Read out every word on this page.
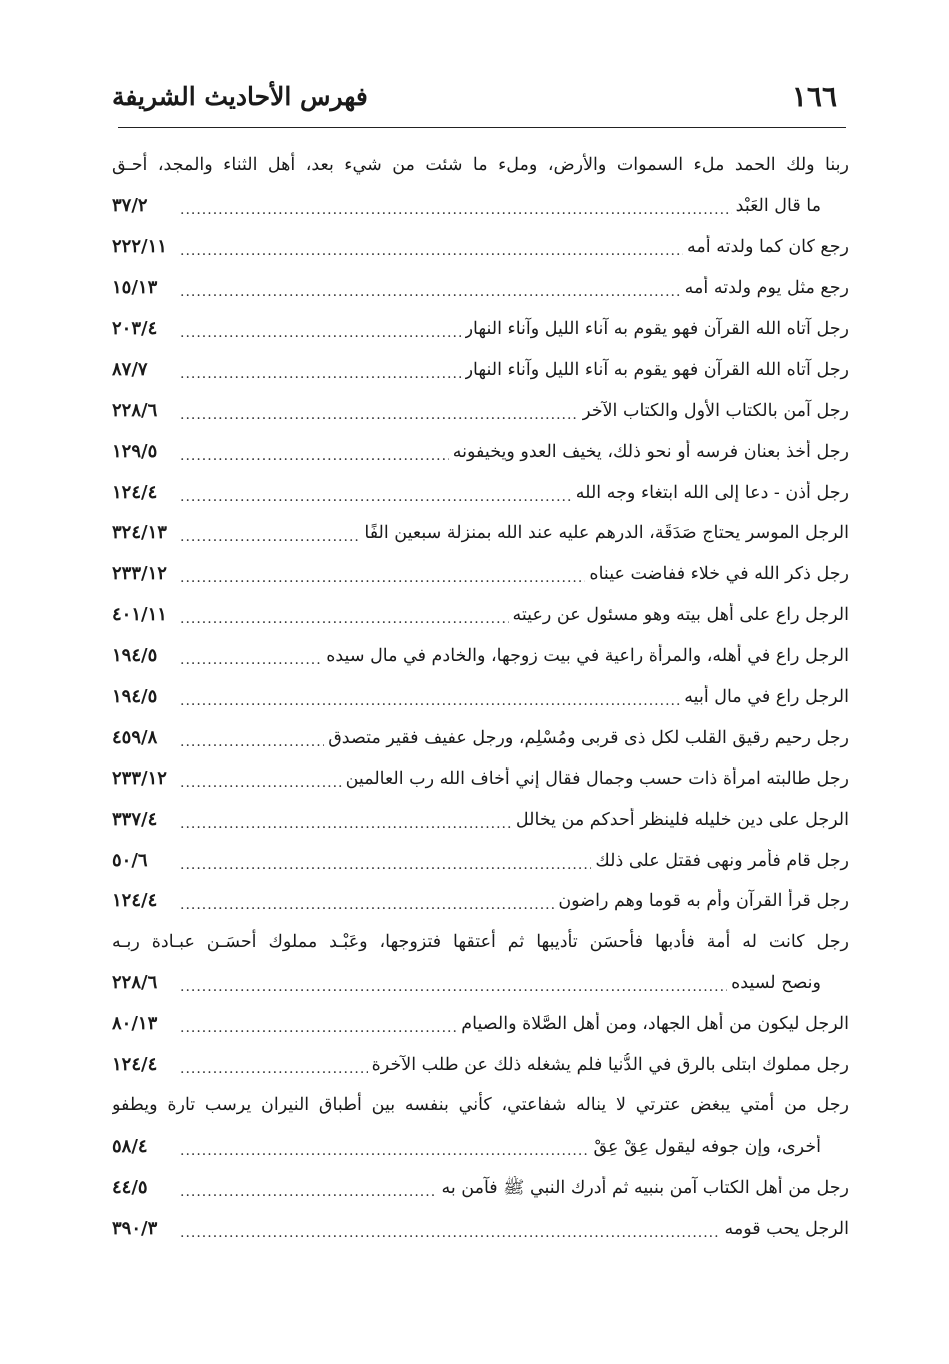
١٦٦
فهرس الأحاديث الشريفة
ربنا ولك الحمد ملء السموات والأرض، وملء ما شئت من شيء بعد، أهل الثناء والمجد، أحـق
ما قال العَبْد
.....
٣٧/٢
رجع كان كما ولدته أمه
.....
٢٢٢/١١
رجع مثل يوم ولدته أمه
.....
١٥/١٣
رجل آتاه الله القرآن فهو يقوم به آناء الليل وآناء النهار
.....
٢٠٣/٤
رجل آتاه الله القرآن فهو يقوم به آناء الليل وآناء النهار
.....
٨٧/٧
رجل آمن بالكتاب الأول والكتاب الآخر
.....
٢٢٨/٦
رجل أخذ بعنان فرسه أو نحو ذلك، يخيف العدو ويخيفونه
.....
١٢٩/٥
رجل أذن - دعا إلى الله ابتغاء وجه الله
.....
١٢٤/٤
الرجل الموسر يحتاج صَدَقَة، الدرهم عليه عند الله بمنزلة سبعين الفًا
.....
٣٢٤/١٣
رجل ذكر الله في خلاء ففاضت عيناه
.....
٢٣٣/١٢
الرجل راع على أهل بيته وهو مسئول عن رعيته
.....
٤٠١/١١
الرجل راع في أهله، والمرأة راعية في بيت زوجها، والخادم في مال سيده
.....
١٩٤/٥
الرجل راع في مال أبيه
.....
١٩٤/٥
رجل رحيم رقيق القلب لكل ذى قربى ومُسْلِم، ورجل عفيف فقير متصدق
.....
٤٥٩/٨
رجل طالبته امرأة ذات حسب وجمال فقال إني أخاف الله رب العالمين
.....
٢٣٣/١٢
الرجل على دين خليله فلينظر أحدكم من يخالل
.....
٣٣٧/٤
رجل قام فأمر ونهى فقتل على ذلك
.....
٥٠/٦
رجل قرأ القرآن وأم به قوما وهم راضون
.....
١٢٤/٤
رجل كانت له أمة فأدبها فأحسَن تأديبها ثم أعتقها فتزوجها، وعَبْـد مملوك أحسَـن عبـادة ربـه
ونصح لسيده
.....
٢٢٨/٦
الرجل ليكون من أهل الجهاد، ومن أهل الصَّلاة والصيام
.....
٨٠/١٣
رجل مملوك ابتلى بالرق في الدُّنيا فلم يشغله ذلك عن طلب الآخرة
.....
١٢٤/٤
رجل من أمتي يبغض عترتي لا يناله شفاعتي، كأني بنفسه بين أطباق النيران يرسب تارة ويطفو
أخرى، وإن جوفه ليقول عِقْ عِقْ
.....
٥٨/٤
رجل من أهل الكتاب آمن بنبيه ثم أدرك النبي ﷺ فآمن به
.....
٤٤/٥
الرجل يحب قومه
.....
٣٩٠/٣
